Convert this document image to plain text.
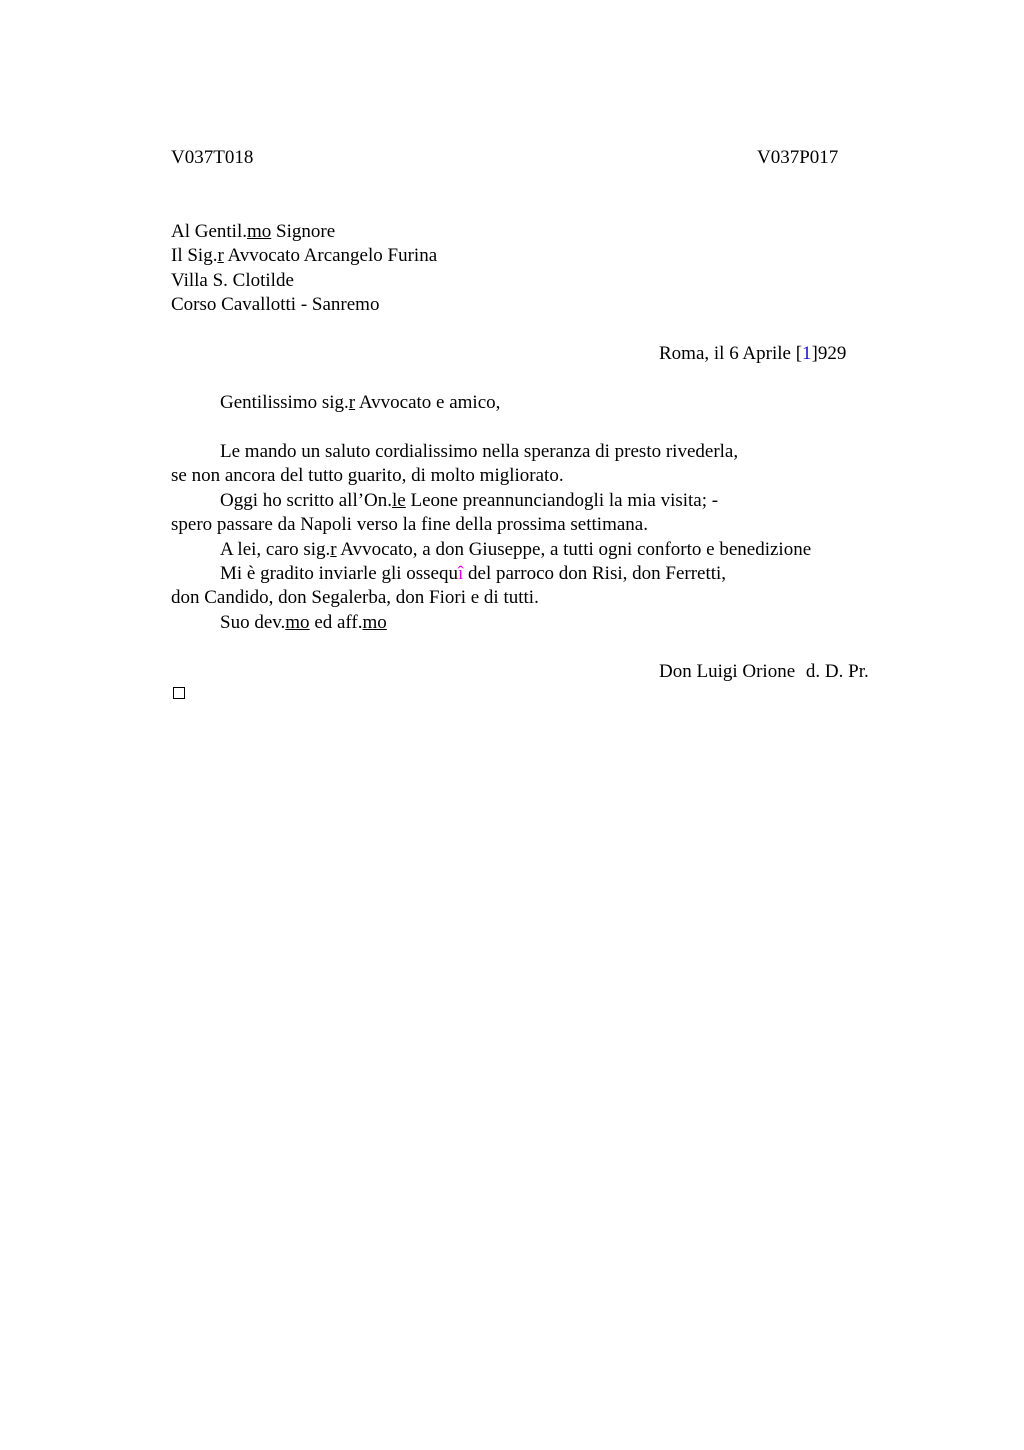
V037T018	V037P017
Al Gentil.mo Signore
Il Sig.r Avvocato Arcangelo Furina
Villa S. Clotilde
Corso Cavallotti - Sanremo
Roma, il 6 Aprile [1]929
Gentilissimo sig.r Avvocato e amico,
Le mando un saluto cordialissimo nella speranza di presto rivederla,
se non ancora del tutto guarito, di molto migliorato.
Oggi ho scritto all’On.le Leone preannunciandogli la mia visita; -
spero passare da Napoli verso la fine della prossima settimana.
A lei, caro sig.r Avvocato, a don Giuseppe, a tutti ogni conforto e benedizione
Mi è gradito inviarle gli ossequî del parroco don Risi, don Ferretti,
don Candido, don Segalerba, don Fiori e di tutti.
Suo dev.mo ed aff.mo
Don Luigi Orione d. D. Pr.
